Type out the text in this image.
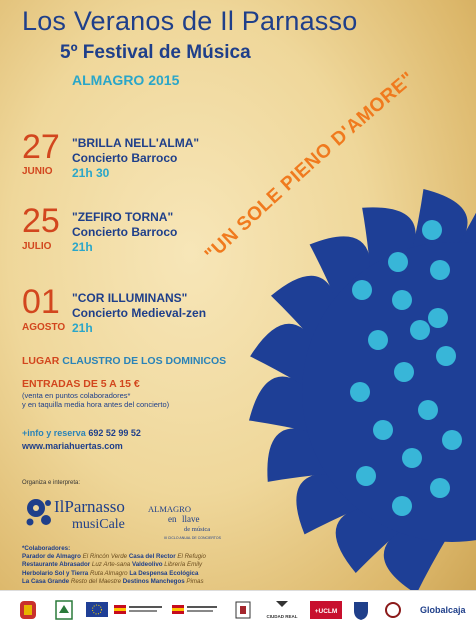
"UN SOLE PIENO D'AMORE"
Los Veranos de Il Parnasso
5º Festival de Música
ALMAGRO 2015
27
JUNIO
"BRILLA NELL'ALMA"
Concierto Barroco
21h 30
25
JULIO
"ZEFIRO TORNA"
Concierto Barroco
21h
01
AGOSTO
"COR ILLUMINANS"
Concierto Medieval-zen
21h
LUGAR CLAUSTRO DE LOS DOMINICOS
ENTRADAS DE 5 A 15 €
(venta en puntos colaboradores*
y en taquilla media hora antes del concierto)
+info y reserva 692 52 99 52
www.mariahuertas.com
Organiza e interpreta:
IlParnasso
musiCale
ALMAGRO
en llave
de música
III CICLO ANUAL DE CONCIERTOS
*Colaboradores:
Parador de Almagro El Rincón Verde Casa del Rector El Refugio
Restaurante Abrasador Luz Arte-sana Valdeolivo Librería Emily
Herbolario Sol y Tierra Ruta Almagro La Despensa Ecológica
La Casa Grande Resto del Maestre Destinos Manchegos Pimas
CIUDAD REAL
+UCLM	Globalcaja
